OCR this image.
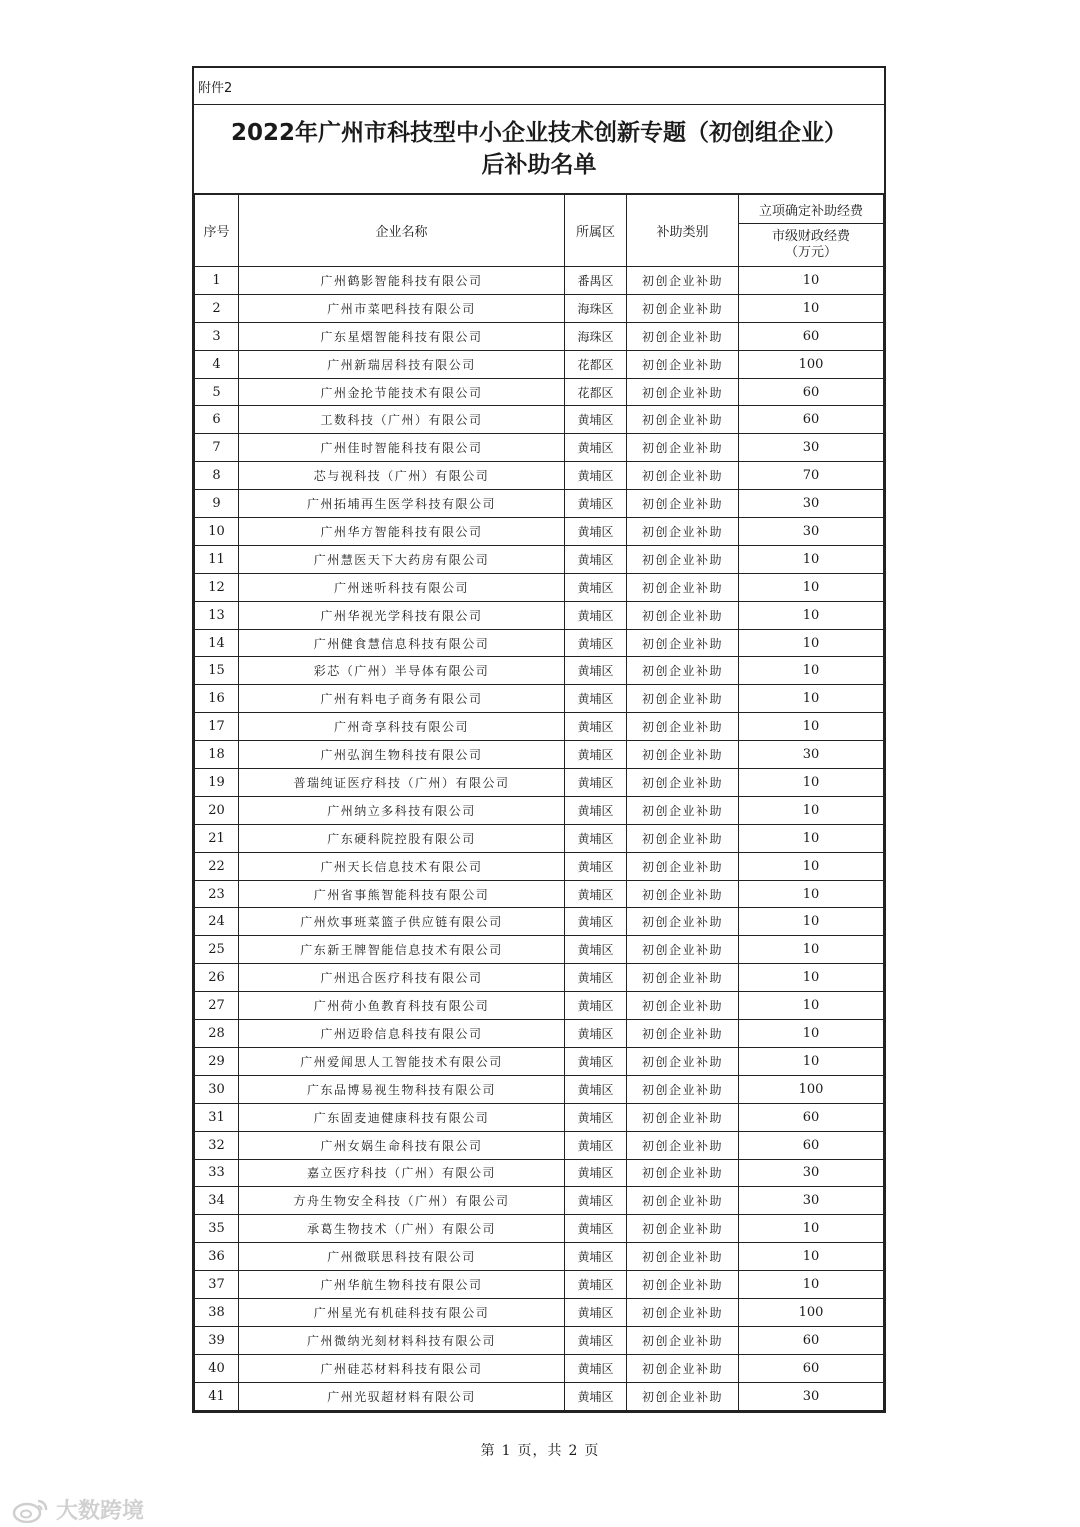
附件2
2022年广州市科技型中小企业技术创新专题（初创组企业）
后补助名单
序号	企业名称	所属区	补助类别	立项确定补助经费

				市级财政经费
（万元）

1	广州鹤影智能科技有限公司	番禺区	初创企业补助	10
2	广州市菜吧科技有限公司	海珠区	初创企业补助	10
3	广东星熠智能科技有限公司	海珠区	初创企业补助	60
4	广州新瑞居科技有限公司	花都区	初创企业补助	100
5	广州金抡节能技术有限公司	花都区	初创企业补助	60
6	工数科技（广州）有限公司	黄埔区	初创企业补助	60
7	广州佳时智能科技有限公司	黄埔区	初创企业补助	30
8	芯与视科技（广州）有限公司	黄埔区	初创企业补助	70
9	广州拓埔再生医学科技有限公司	黄埔区	初创企业补助	30
10	广州华方智能科技有限公司	黄埔区	初创企业补助	30
11	广州慧医天下大药房有限公司	黄埔区	初创企业补助	10
12	广州迷听科技有限公司	黄埔区	初创企业补助	10
13	广州华视光学科技有限公司	黄埔区	初创企业补助	10
14	广州健食慧信息科技有限公司	黄埔区	初创企业补助	10
15	彩芯（广州）半导体有限公司	黄埔区	初创企业补助	10
16	广州有料电子商务有限公司	黄埔区	初创企业补助	10
17	广州奇享科技有限公司	黄埔区	初创企业补助	10
18	广州弘润生物科技有限公司	黄埔区	初创企业补助	30
19	普瑞纯证医疗科技（广州）有限公司	黄埔区	初创企业补助	10
20	广州纳立多科技有限公司	黄埔区	初创企业补助	10
21	广东硬科院控股有限公司	黄埔区	初创企业补助	10
22	广州天长信息技术有限公司	黄埔区	初创企业补助	10
23	广州省事熊智能科技有限公司	黄埔区	初创企业补助	10
24	广州炊事班菜篮子供应链有限公司	黄埔区	初创企业补助	10
25	广东新王牌智能信息技术有限公司	黄埔区	初创企业补助	10
26	广州迅合医疗科技有限公司	黄埔区	初创企业补助	10
27	广州荷小鱼教育科技有限公司	黄埔区	初创企业补助	10
28	广州迈聆信息科技有限公司	黄埔区	初创企业补助	10
29	广州爱闻思人工智能技术有限公司	黄埔区	初创企业补助	10
30	广东品博易视生物科技有限公司	黄埔区	初创企业补助	100
31	广东固麦迪健康科技有限公司	黄埔区	初创企业补助	60
32	广州女娲生命科技有限公司	黄埔区	初创企业补助	60
33	嘉立医疗科技（广州）有限公司	黄埔区	初创企业补助	30
34	方舟生物安全科技（广州）有限公司	黄埔区	初创企业补助	30
35	承葛生物技术（广州）有限公司	黄埔区	初创企业补助	10
36	广州微联思科技有限公司	黄埔区	初创企业补助	10
37	广州华航生物科技有限公司	黄埔区	初创企业补助	10
38	广州星光有机硅科技有限公司	黄埔区	初创企业补助	100
39	广州微纳光刻材料科技有限公司	黄埔区	初创企业补助	60
40	广州硅芯材料科技有限公司	黄埔区	初创企业补助	60
41	广州光驭超材料有限公司	黄埔区	初创企业补助	30
第 1 页，共 2 页
大数跨境
